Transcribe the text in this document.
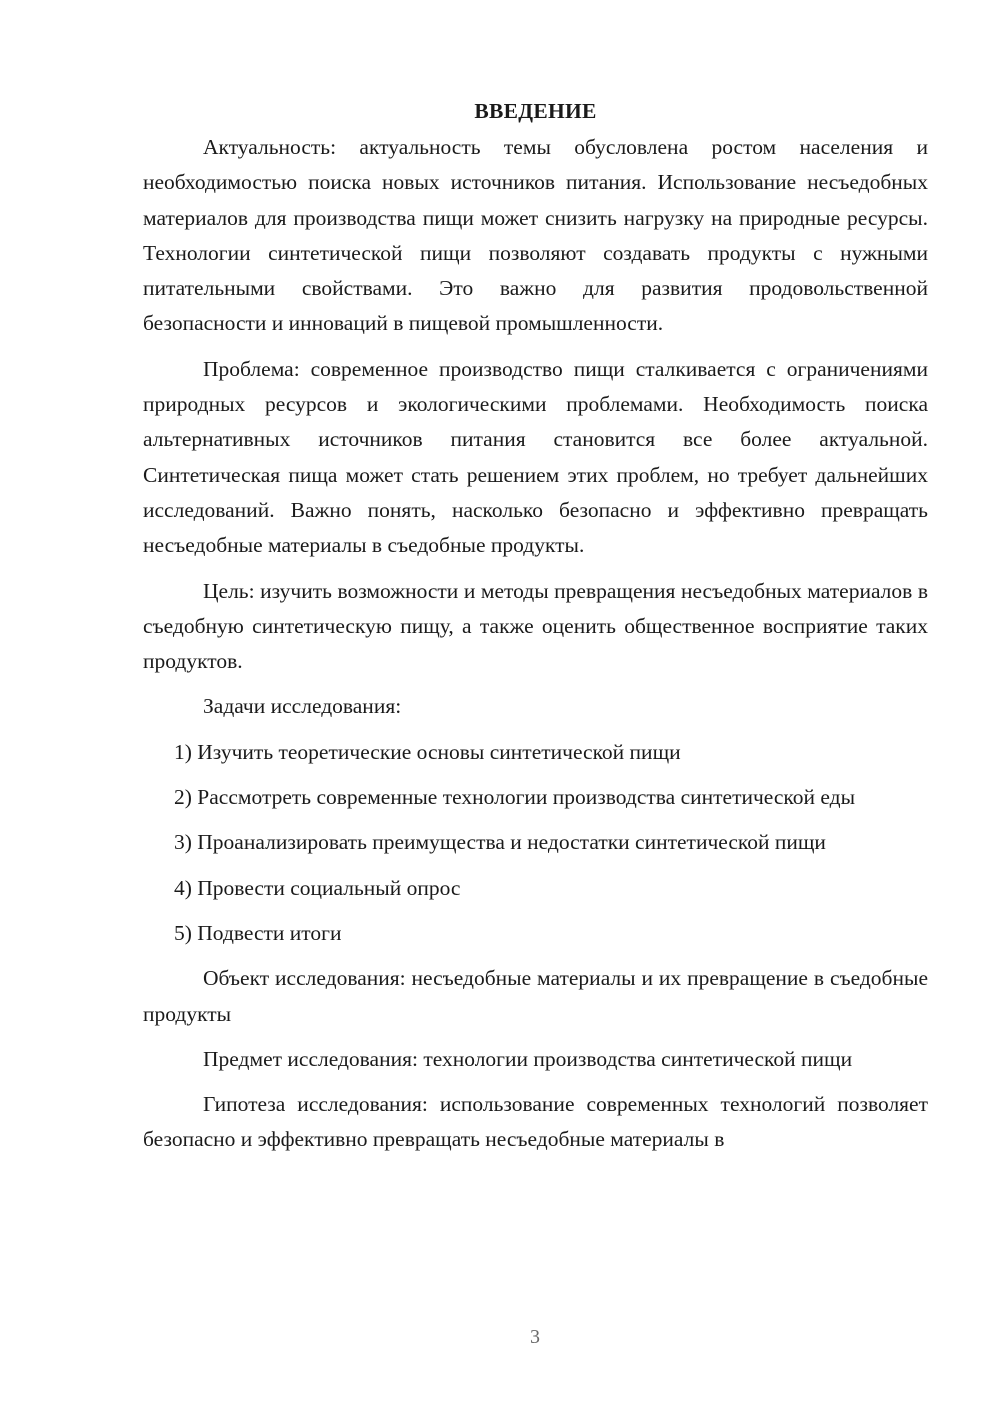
ВВЕДЕНИЕ

Актуальность: актуальность темы обусловлена ростом населения и необходимостью поиска новых источников питания. Использование несъедобных материалов для производства пищи может снизить нагрузку на природные ресурсы. Технологии синтетической пищи позволяют создавать продукты с нужными питательными свойствами. Это важно для развития продовольственной безопасности и инноваций в пищевой промышленности.

Проблема: современное производство пищи сталкивается с ограничениями природных ресурсов и экологическими проблемами. Необходимость поиска альтернативных источников питания становится все более актуальной. Синтетическая пища может стать решением этих проблем, но требует дальнейших исследований. Важно понять, насколько безопасно и эффективно превращать несъедобные материалы в съедобные продукты.

Цель: изучить возможности и методы превращения несъедобных материалов в съедобную синтетическую пищу, а также оценить общественное восприятие таких продуктов.

Задачи исследования:

1) Изучить теоретические основы синтетической пищи

2) Рассмотреть современные технологии производства синтетической еды

3) Проанализировать преимущества и недостатки синтетической пищи

4) Провести социальный опрос

5) Подвести итоги

Объект исследования: несъедобные материалы и их превращение в съедобные продукты

Предмет исследования: технологии производства синтетической пищи

Гипотеза исследования: использование современных технологий позволяет безопасно и эффективно превращать несъедобные материалы в

3
